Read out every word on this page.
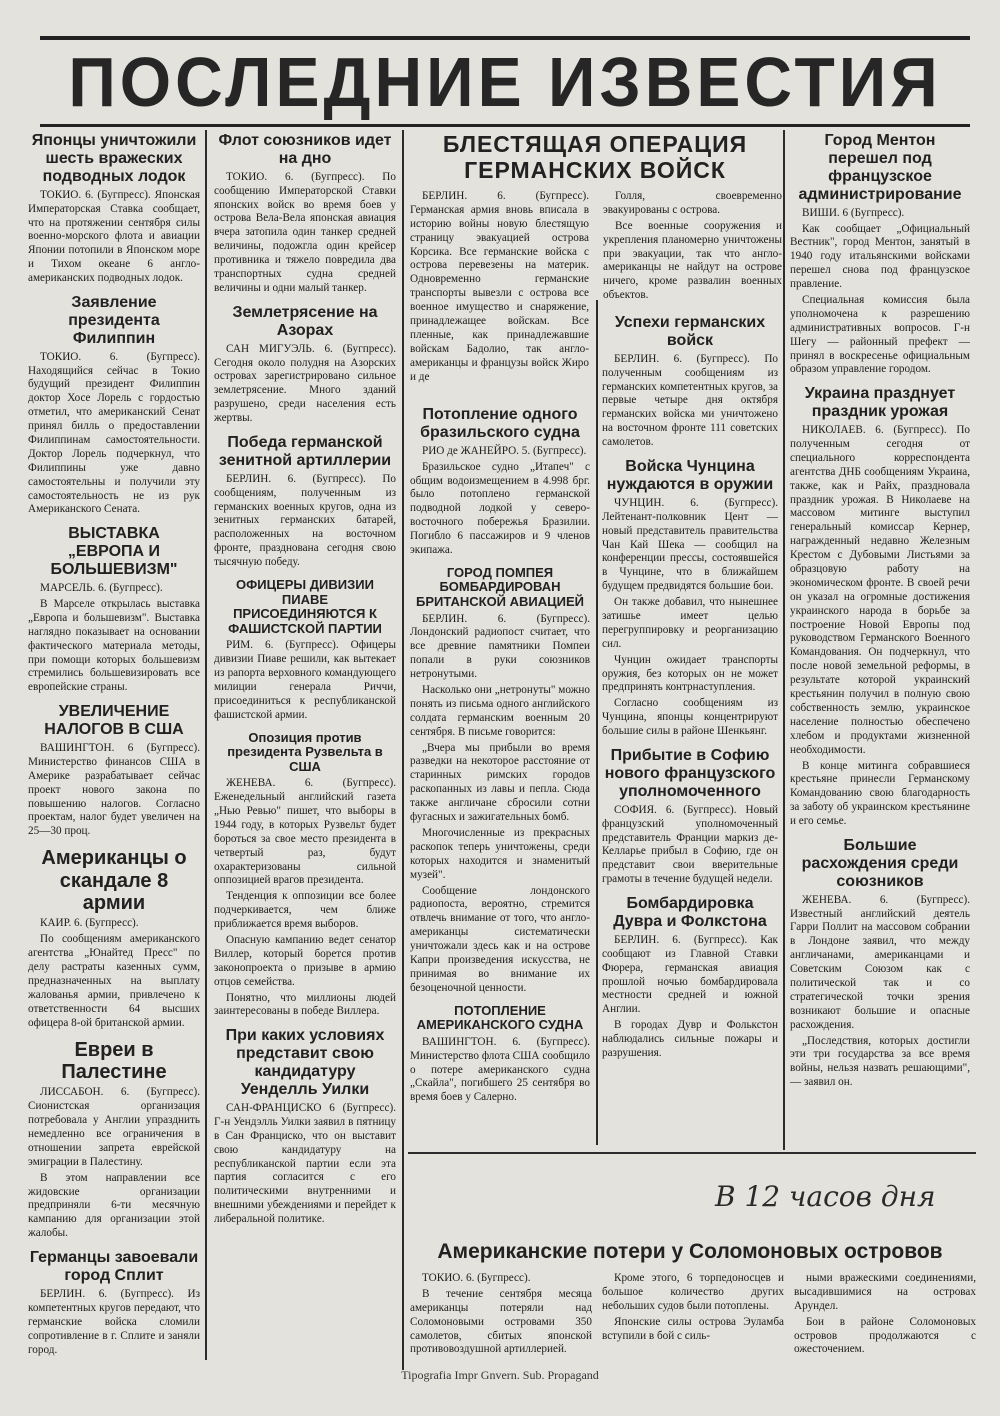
ПОСЛЕДНИЕ ИЗВЕСТИЯ
Японцы уничтожили шесть вражеских подводных лодок

ТОКИО. 6. (Бугпресс). Японская Императорская Ставка сообщает, что на протяжении сентября силы военно-морского флота и авиации Японии потопили в Японском море и Тихом океане 6 англо-американских подводных лодок.

Заявление президента Филиппин

ТОКИО. 6. (Бугпресс). Находящийся сейчас в Токио будущий президент Филиппин доктор Хосе Лорель с гордостью отметил, что американский Сенат принял билль о предоставлении Филиппинам самостоятельности. Доктор Лорель подчеркнул, что Филиппины уже давно самостоятельны и получили эту самостоятельность не из рук Американского Сената.

ВЫСТАВКА „ЕВРОПА И БОЛЬШЕВИЗМ"

МАРСЕЛЬ. 6. (Бугпресс).

В Марселе открылась выставка „Европа и большевизм". Выставка наглядно показывает на основании фактического материала методы, при помощи которых большевизм стремились большевизировать все европейские страны.

УВЕЛИЧЕНИЕ НАЛОГОВ В США

ВАШИНГТОН. 6 (Бугпресс). Министерство финансов США в Америке разрабатывает сейчас проект нового закона по повышению налогов. Согласно проектам, налог будет увеличен на 25—30 проц.

Американцы о скандале 8 армии

КАИР. 6. (Бугпресс).

По сообщениям американского агентства „Юнайтед Пресс" по делу растраты казенных сумм, предназначенных на выплату жалованья армии, привлечено к ответственности 64 высших офицера 8-ой британской армии.

Евреи в Палестине

ЛИССАБОН. 6. (Бугпресс). Сионистская организация потребовала у Англии упразднить немедленно все ограничения в отношении запрета еврейской эмиграции в Палестину.

В этом направлении все жидовские организации предприняли 6-ти месячную кампанию для организации этой жалобы.

Германцы завоевали город Сплит

БЕРЛИН. 6. (Бугпресс). Из компетентных кругов передают, что германские войска сломили сопротивление в г. Сплите и заняли город.

Флот союзников идет на дно

ТОКИО. 6. (Бугпресс). По сообщению Императорской Ставки японских войск во время боев у острова Вела-Вела японская авиация вчера затопила один танкер средней величины, подожгла один крейсер противника и тяжело повредила два транспортных судна средней величины и одни малый танкер.

Землетрясение на Азорах

САН МИГУЭЛЬ. 6. (Бугпресс). Сегодня около полудня на Азорских островах зарегистрировано сильное землетрясение. Много зданий разрушено, среди населения есть жертвы.

Победа германской зенитной артиллерии

БЕРЛИН. 6. (Бугпресс). По сообщениям, полученным из германских военных кругов, одна из зенитных германских батарей, расположенных на восточном фронте, празднована сегодня свою тысячную победу.

ОФИЦЕРЫ ДИВИЗИИ ПИАВЕ ПРИСОЕДИНЯЮТСЯ К ФАШИСТСКОЙ ПАРТИИ

РИМ. 6. (Бугпресс). Офицеры дивизии Пиаве решили, как вытекает из рапорта верховного командующего милиции генерала Риччи, присоединиться к республиканской фашистской армии.

Опозиция против президента Рузвельта в США

ЖЕНЕВА. 6. (Бугпресс). Еженедельный английский газета „Нью Ревью" пишет, что выборы в 1944 году, в которых Рузвельт будет бороться за свое место президента в четвертый раз, будут охарактеризованы сильной оппозицией врагов президента.

Тенденция к оппозиции все более подчеркивается, чем ближе приближается время выборов.

Опасную кампанию ведет сенатор Виллер, который борется против законопроекта о призыве в армию отцов семейства.

Понятно, что миллионы людей заинтересованы в победе Виллера.

При каких условиях представит свою кандидатуру Уенделль Уилки

САН-ФРАНЦИСКО 6 (Бугпресс). Г-н Уендэлль Уилки заявил в пятницу в Сан Франциско, что он выставит свою кандидатуру на республиканской партии если эта партия согласится с его политическими внутренними и внешними убеждениями и перейдет к либеральной политике.

БЛЕСТЯЩАЯ ОПЕРАЦИЯ ГЕРМАНСКИХ ВОЙСК

БЕРЛИН. 6. (Бугпресс). Германская армия вновь вписала в историю войны новую блестящую страницу эвакуацией острова Корсика. Все германские войска с острова перевезены на материк. Одновременно германские транспорты вывезли с острова все военное имущество и снаряжение, принадлежащее войскам. Все пленные, как принадлежавшие войскам Бадолио, так англо-американцы и французы войск Жиро и де

Голля, своевременно эвакуированы с острова.

Все военные сооружения и укрепления планомерно уничтожены при эвакуации, так что англо-американцы не найдут на острове ничего, кроме развалин военных объектов.

Потопление одного бразильского судна

РИО де ЖАНЕЙРО. 5. (Бугпресс).

Бразильское судно „Итапеч" с общим водоизмещением в 4.998 брг. было потоплено германской подводной лодкой у северо-восточного побережья Бразилии. Погибло 6 пассажиров и 9 членов экипажа.

ГОРОД ПОМПЕЯ БОМБАРДИРОВАН БРИТАНСКОЙ АВИАЦИЕЙ

БЕРЛИН. 6. (Бугпресс). Лондонский радиопост считает, что все древние памятники Помпеи попали в руки союзников нетронутыми.

Насколько они „нетронуты" можно понять из письма одного английского солдата германским военным 20 сентября. В письме говорится:

„Вчера мы прибыли во время разведки на некоторое расстояние от старинных римских городов раскопанных из лавы и пепла. Сюда также англичане сбросили сотни фугасных и зажигательных бомб.

Многочисленные из прекрасных раскопок теперь уничтожены, среди которых находится и знаменитый музей".

Сообщение лондонского радиопоста, вероятно, стремится отвлечь внимание от того, что англо-американцы систематически уничтожали здесь как и на острове Капри произведения искусства, не принимая во внимание их безоценочной ценности.

ПОТОПЛЕНИЕ АМЕРИКАНСКОГО СУДНА

ВАШИНГТОН. 6. (Бугпресс). Министерство флота США сообщило о потере американского судна „Скайла", погибшего 25 сентября во время боев у Салерно.

Успехи германских войск

БЕРЛИН. 6. (Бугпресс). По полученным сообщениям из германских компетентных кругов, за первые четыре дня октября германских войска ми уничтожено на восточном фронте 111 советских самолетов.

Войска Чунцина нуждаются в оружии

ЧУНЦИН. 6. (Бугпресс). Лейтенант-полковник Цент — новый представитель правительства Чан Кай Шека — сообщил на конференции прессы, состоявшейся в Чунцине, что в ближайшем будущем предвидятся большие бои.

Он также добавил, что нынешнее затишье имеет целью перегруппировку и реорганизацию сил.

Чунцин ожидает транспорты оружия, без которых он не может предпринять контрнаступления.

Согласно сообщениям из Чунцина, японцы концентрируют большие силы в районе Шенкьянг.

Прибытие в Софию нового французского уполномоченного

СОФИЯ. 6. (Бугпресс). Новый французский уполномоченный представитель Франции маркиз де-Келларье прибыл в Софию, где он представит свои вверительные грамоты в течение будущей недели.

Бомбардировка Дувра и Фолкстона

БЕРЛИН. 6. (Бугпресс). Как сообщают из Главной Ставки Фюрера, германская авиация прошлой ночью бомбардировала местности средней и южной Англии.

В городах Дувр и Фолькстон наблюдались сильные пожары и разрушения.

Город Ментон перешел под французское администрирование

ВИШИ. 6 (Бугпресс).

Как сообщает „Официальный Вестник", город Ментон, занятый в 1940 году итальянскими войсками перешел снова под французское правление.

Специальная комиссия была уполномочена к разрешению административных вопросов. Г-н Шегу — районный префект — принял в воскресенье официальным образом управление городом.

Украина празднует праздник урожая

НИКОЛАЕВ. 6. (Бугпресс). По полученным сегодня от специального корреспондента агентства ДНБ сообщениям Украина, также, как и Райх, праздновала праздник урожая. В Николаеве на массовом митинге выступил генеральный комиссар Кернер, награжденный недавно Железным Крестом с Дубовыми Листьями за образцовую работу на экономическом фронте. В своей речи он указал на огромные достижения украинского народа в борьбе за построение Новой Европы под руководством Германского Военного Командования. Он подчеркнул, что после новой земельной реформы, в результате которой украинский крестьянин получил в полную свою собственность землю, украинское население полностью обеспечено хлебом и продуктами жизненной необходимости.

В конце митинга собравшиеся крестьяне принесли Германскому Командованию свою благодарность за заботу об украинском крестьянине и его семье.

Большие расхождения среди союзников

ЖЕНЕВА. 6. (Бугпресс). Известный английский деятель Гарри Поллит на массовом собрании в Лондоне заявил, что между англичанами, американцами и Советским Союзом как с политической так и со стратегической точки зрения возникают большие и опасные расхождения.

„Последствия, которых достигли эти три государства за все время войны, нельзя назвать решающими", — заявил он.

В 12 часов дня
Американские потери у Соломоновых островов

ТОКИО. 6. (Бугпресс).

В течение сентября месяца американцы потеряли над Соломоновыми островами 350 самолетов, сбитых японской противовоздушной артиллерией.

Кроме этого, 6 торпедоносцев и большое количество других небольших судов были потоплены.

Японские силы острова Эуламба вступили в бой с силь-

ными вражескими соединениями, высадившимися на островах Арундел.

Бои в районе Соломоновых островов продолжаются с ожесточением.

Tipografia Impr Gnvern. Sub. Propagand
